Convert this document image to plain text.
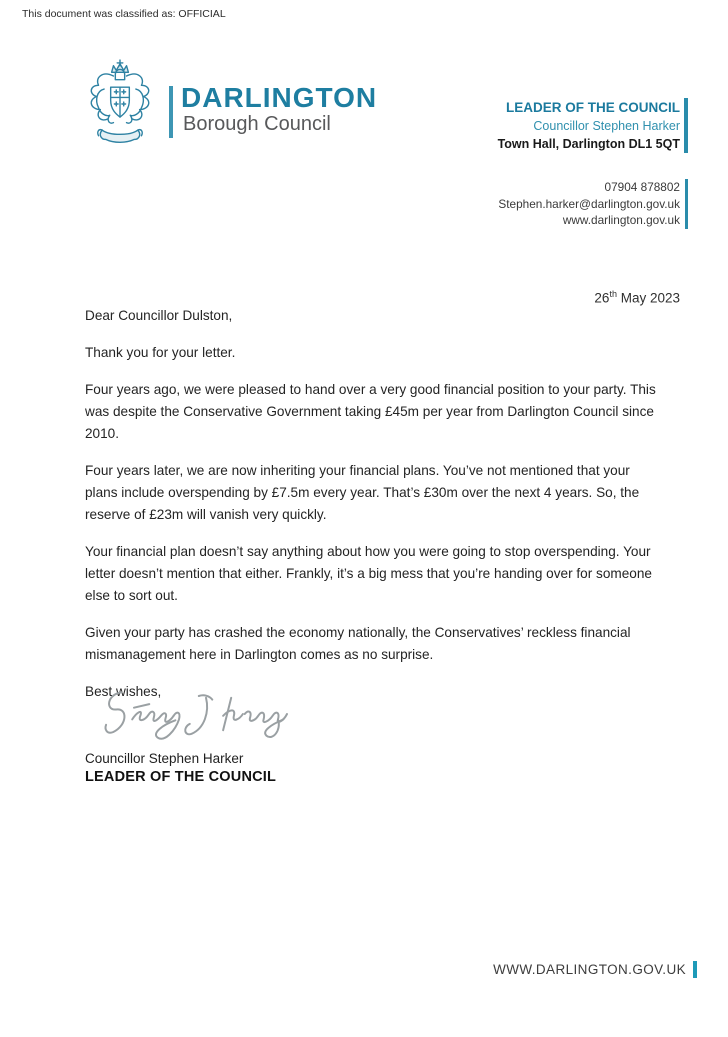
This document was classified as: OFFICIAL
DARLINGTON
Borough Council
LEADER OF THE COUNCIL
Councillor Stephen Harker
Town Hall, Darlington DL1 5QT
07904 878802
Stephen.harker@darlington.gov.uk
www.darlington.gov.uk
26th May 2023

Dear Councillor Dulston,

Thank you for your letter.

Four years ago, we were pleased to hand over a very good financial position to your party. This was despite the Conservative Government taking £45m per year from Darlington Council since 2010.

Four years later, we are now inheriting your financial plans. You’ve not mentioned that your plans include overspending by £7.5m every year. That’s £30m over the next 4 years. So, the reserve of £23m will vanish very quickly.

Your financial plan doesn’t say anything about how you were going to stop overspending. Your letter doesn’t mention that either. Frankly, it’s a big mess that you’re handing over for someone else to sort out.

Given your party has crashed the economy nationally, the Conservatives’ reckless financial mismanagement here in Darlington comes as no surprise.

Best wishes,

Councillor Stephen Harker
LEADER OF THE COUNCIL
WWW.DARLINGTON.GOV.UK
